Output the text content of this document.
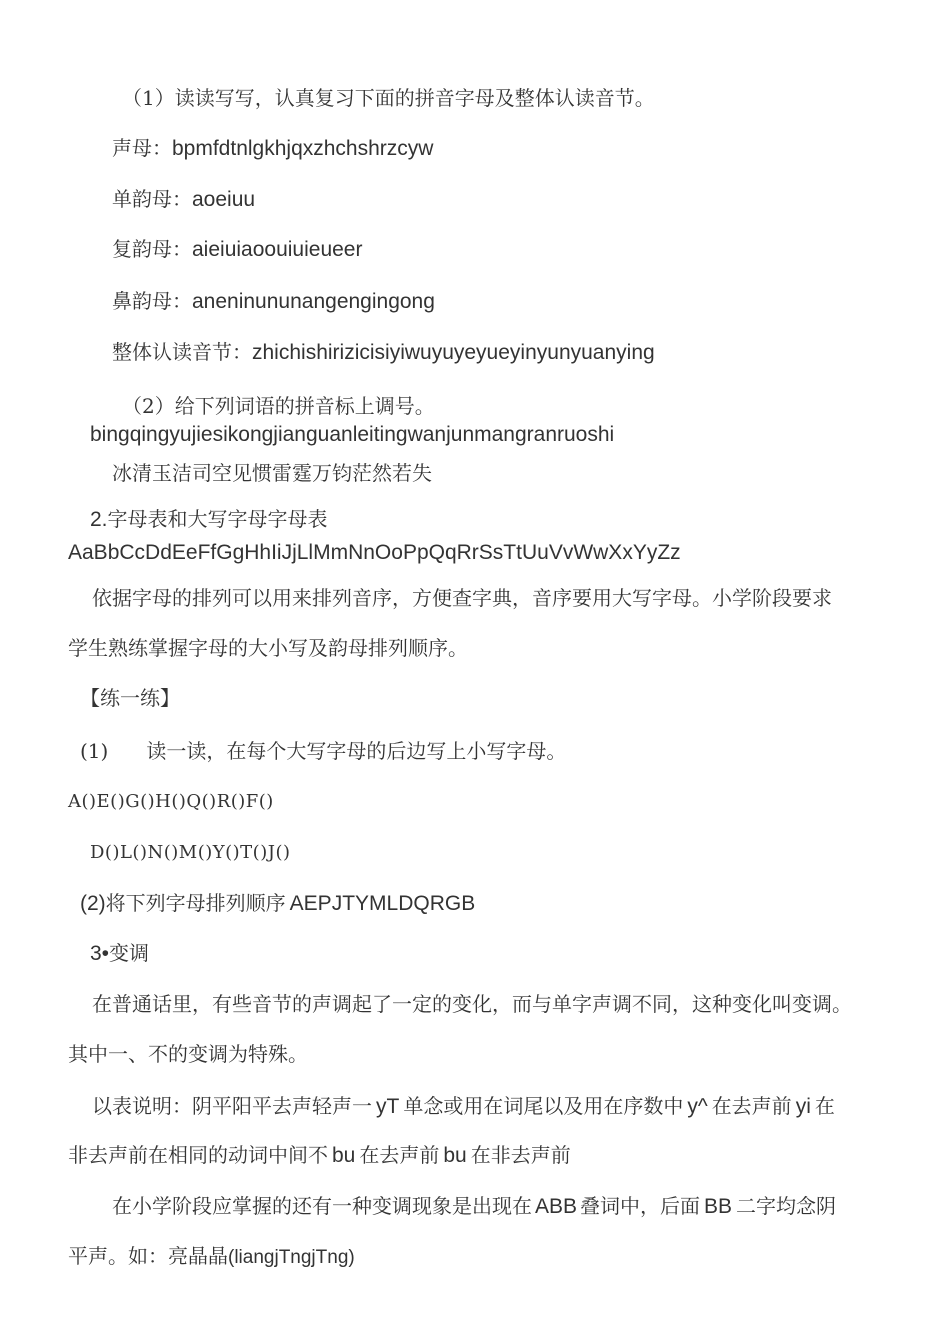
（1）读读写写，认真复习下面的拼音字母及整体认读音节。
声母：bpmfdtnlgkhjqxzhchshrzcyw
单韵母：aoeiuu
复韵母：aieiuiaoouiuieueer
鼻韵母：aneninununangengingong
整体认读音节：zhichishirizicisiyiwuyuyeyueyinyunyuanying
（2）给下列词语的拼音标上调号。
bingqingyujiesikongjianguanleitingwanjunmangranruoshi
冰清玉洁司空见惯雷霆万钧茫然若失
2.字母表和大写字母字母表
AaBbCcDdEeFfGgHhIiJjLlMmNnOoPpQqRrSsTtUuVvWwXxYyZz
依据字母的排列可以用来排列音序，方便查字典，音序要用大写字母。小学阶段要求
学生熟练掌握字母的大小写及韵母排列顺序。
【练一练】
(1) 读一读，在每个大写字母的后边写上小写字母。
A()E()G()H()Q()R()F()
D()L()N()M()Y()T()J()
(2)将下列字母排列顺序 AEPJTYMLDQRGB
3•变调
在普通话里，有些音节的声调起了一定的变化，而与单字声调不同，这种变化叫变调。
其中一、不的变调为特殊。
以表说明：阴平阳平去声轻声一 yT 单念或用在词尾以及用在序数中 y^ 在去声前 yi 在
非去声前在相同的动词中间不 bu 在去声前 bu 在非去声前
在小学阶段应掌握的还有一种变调现象是出现在 ABB 叠词中，后面 BB 二字均念阴
平声。如：亮晶晶(liangjTngjTng)
